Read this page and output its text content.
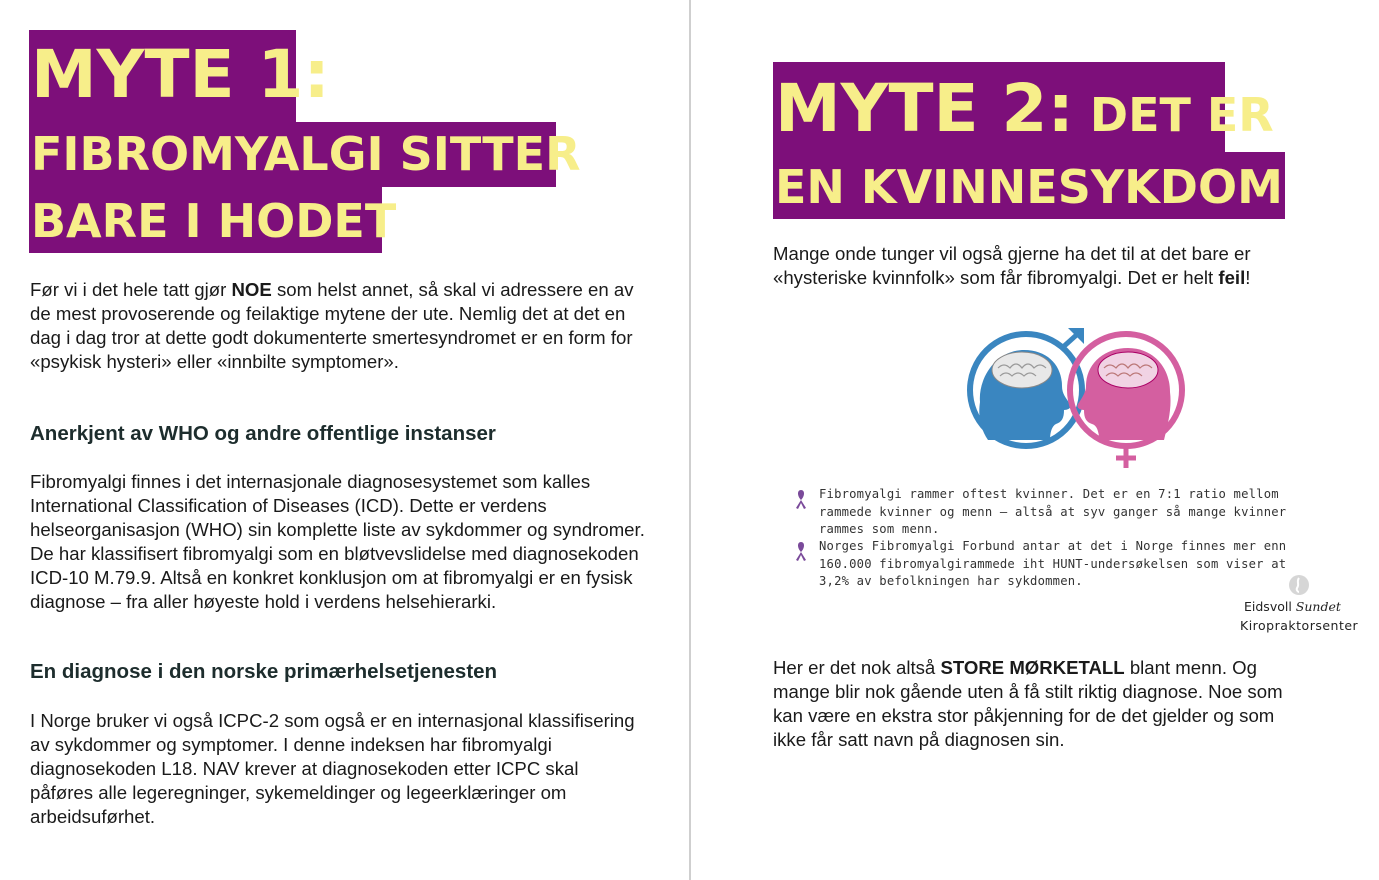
MYTE 1:
FIBROMYALGI SITTER
BARE I HODET

Før vi i det hele tatt gjør NOE som helst annet, så skal vi adressere en av de mest provoserende og feilaktige mytene der ute. Nemlig det at det en dag i dag tror at dette godt dokumenterte smertesyndromet er en form for «psykisk hysteri» eller «innbilte symptomer».

Anerkjent av WHO og andre offentlige instanser

Fibromyalgi finnes i det internasjonale diagnosesystemet som kalles International Classification of Diseases (ICD). Dette er verdens helseorganisasjon (WHO) sin komplette liste av sykdommer og syndromer. De har klassifisert fibromyalgi som en bløtvevslidelse med diagnosekoden ICD-10 M.79.9. Altså en konkret konklusjon om at fibromyalgi er en fysisk diagnose – fra aller høyeste hold i verdens helsehierarki.

En diagnose i den norske primærhelsetjenesten

I Norge bruker vi også ICPC-2 som også er en internasjonal klassifisering av sykdommer og symptomer. I denne indeksen har fibromyalgi diagnosekoden L18. NAV krever at diagnosekoden etter ICPC skal påføres alle legeregninger, sykemeldinger og legeerklæringer om arbeidsuførhet.

MYTE 2: DET ER
EN KVINNESYKDOM

Mange onde tunger vil også gjerne ha det til at det bare er «hysteriske kvinnfolk» som får fibromyalgi. Det er helt feil!

Fibromyalgi rammer oftest kvinner. Det er en 7:1 ratio mellom rammede kvinner og menn – altså at syv ganger så mange kvinner rammes som menn.

Norges Fibromyalgi Forbund antar at det i Norge finnes mer enn 160.000 fibromyalgirammede iht HUNT-undersøkelsen som viser at 3,2% av befolkningen har sykdommen.

Eidsvoll Sundet
Kiropraktorsenter

Her er det nok altså STORE MØRKETALL blant menn. Og mange blir nok gående uten å få stilt riktig diagnose. Noe som kan være en ekstra stor påkjenning for de det gjelder og som ikke får satt navn på diagnosen sin.
